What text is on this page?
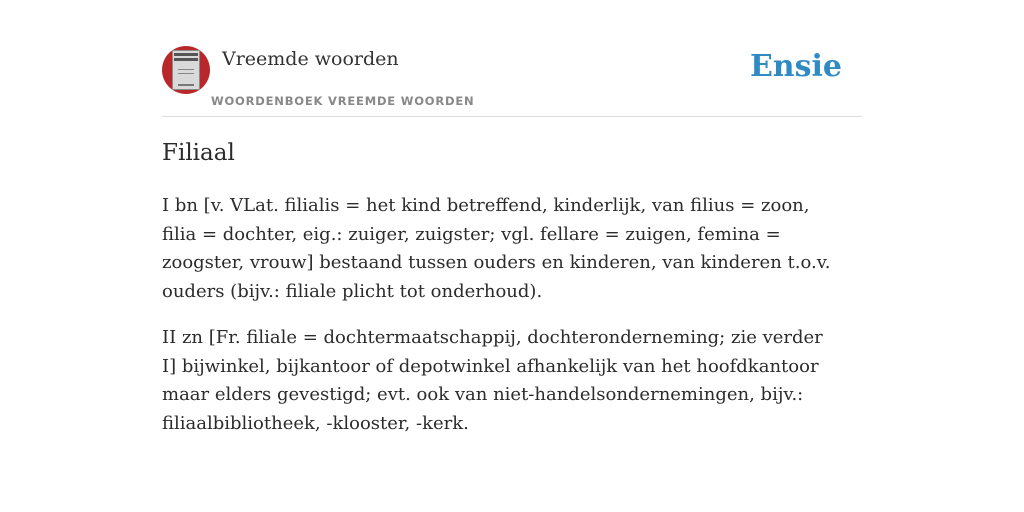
Vreemde woorden
WOORDENBOEK VREEMDE WOORDEN
Ensie
Filiaal

I bn [v. VLat. filialis = het kind betreffend, kinderlijk, van filius = zoon, filia = dochter, eig.: zuiger, zuigster; vgl. fellare = zuigen, femina = zoogster, vrouw] bestaand tussen ouders en kinderen, van kinderen t.o.v. ouders (bijv.: filiale plicht tot onderhoud).

II zn [Fr. filiale = dochtermaatschappij, dochteronderneming; zie verder I] bijwinkel, bijkantoor of depotwinkel afhankelijk van het hoofdkantoor maar elders gevestigd; evt. ook van niet-handelsondernemingen, bijv.: filiaalbibliotheek, -klooster, -kerk.
